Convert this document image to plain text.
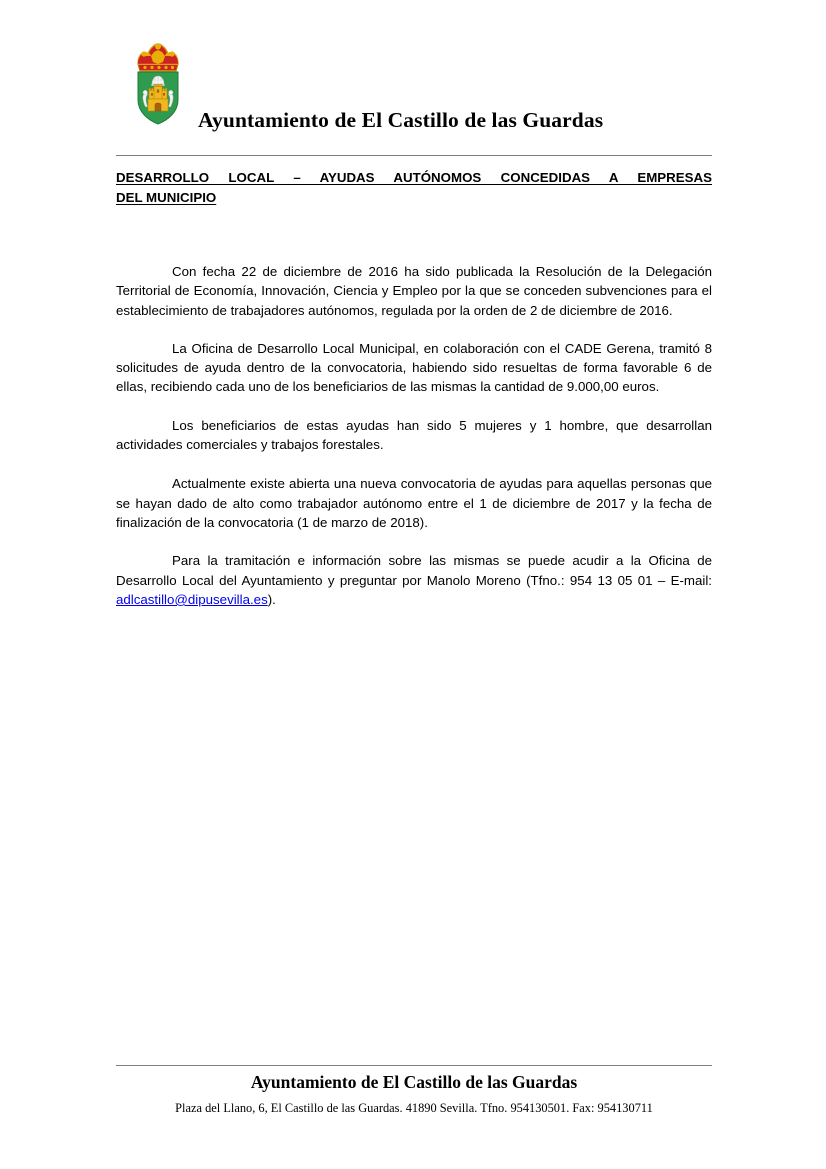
Ayuntamiento de El Castillo de las Guardas
DESARROLLO LOCAL – AYUDAS AUTÓNOMOS CONCEDIDAS A EMPRESAS
DEL MUNICIPIO

Con fecha 22 de diciembre de 2016 ha sido publicada la Resolución de la Delegación Territorial de Economía, Innovación, Ciencia y Empleo por la que se conceden subvenciones para el establecimiento de trabajadores autónomos, regulada por la orden de 2 de diciembre de 2016.

La Oficina de Desarrollo Local Municipal, en colaboración con el CADE Gerena, tramitó 8 solicitudes de ayuda dentro de la convocatoria, habiendo sido resueltas de forma favorable 6 de ellas, recibiendo cada uno de los beneficiarios de las mismas la cantidad de 9.000,00 euros.

Los beneficiarios de estas ayudas han sido 5 mujeres y 1 hombre, que desarrollan actividades comerciales y trabajos forestales.

Actualmente existe abierta una nueva convocatoria de ayudas para aquellas personas que se hayan dado de alto como trabajador autónomo entre el 1 de diciembre de 2017 y la fecha de finalización de la convocatoria (1 de marzo de 2018).

Para la tramitación e información sobre las mismas se puede acudir a la Oficina de Desarrollo Local del Ayuntamiento y preguntar por Manolo Moreno (Tfno.: 954 13 05 01 – E-mail: adlcastillo@dipusevilla.es).

Ayuntamiento de El Castillo de las Guardas
Plaza del Llano, 6, El Castillo de las Guardas. 41890 Sevilla. Tfno. 954130501. Fax: 954130711
